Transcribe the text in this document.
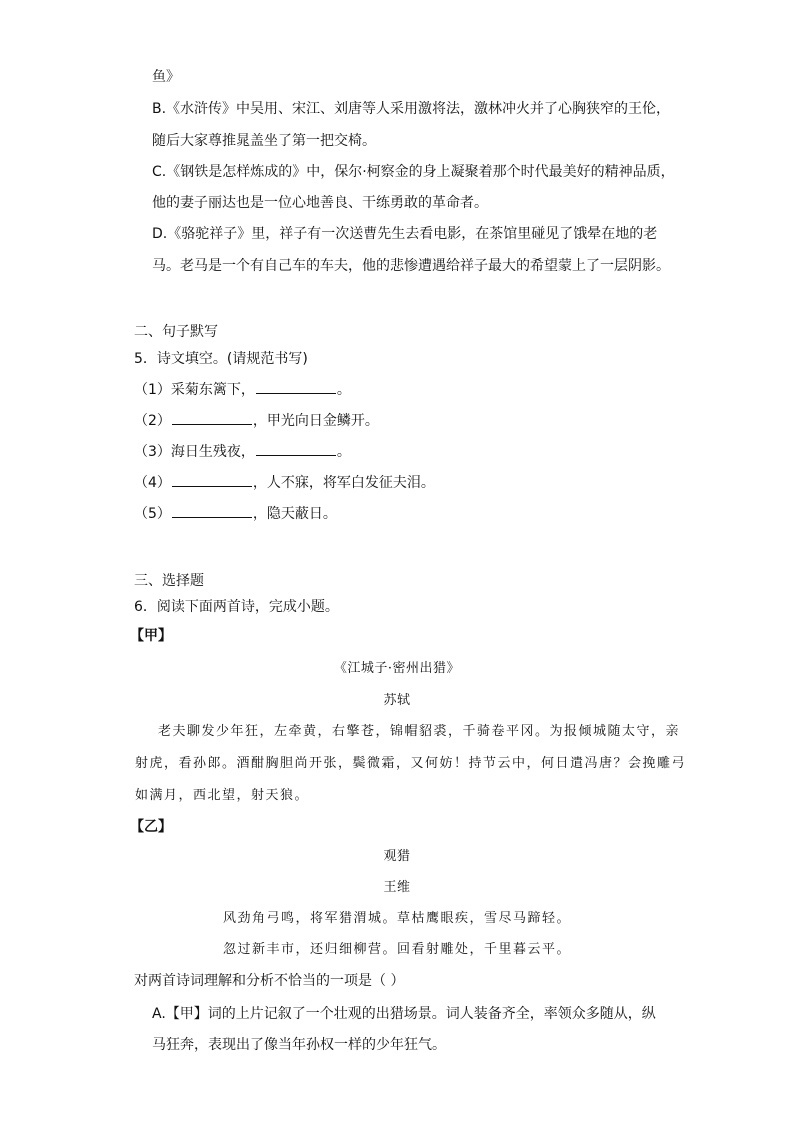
鱼》
B.《水浒传》中吴用、宋江、刘唐等人采用激将法，激林冲火并了心胸狭窄的王伦，
随后大家尊推晁盖坐了第一把交椅。
C.《钢铁是怎样炼成的》中，保尔·柯察金的身上凝聚着那个时代最美好的精神品质，
他的妻子丽达也是一位心地善良、干练勇敢的革命者。
D.《骆驼祥子》里，祥子有一次送曹先生去看电影，在茶馆里碰见了饿晕在地的老
马。老马是一个有自己车的车夫，他的悲惨遭遇给祥子最大的希望蒙上了一层阴影。
二、句子默写
5．诗文填空。(请规范书写)
（1）采菊东篱下，	。
（2）	，甲光向日金鳞开。
（3）海日生残夜，	。
（4）	，人不寐，将军白发征夫泪。
（5）	，隐天蔽日。
三、选择题
6．阅读下面两首诗，完成小题。
【甲】
《江城子·密州出猎》
苏轼
老夫聊发少年狂，左牵黄，右擎苍，锦帽貂裘，千骑卷平冈。为报倾城随太守，亲
射虎，看孙郎。酒酣胸胆尚开张，鬓微霜，又何妨！持节云中，何日遣冯唐？会挽雕弓
如满月，西北望，射天狼。
【乙】
观猎
王维
风劲角弓鸣，将军猎渭城。草枯鹰眼疾，雪尽马蹄轻。
忽过新丰市，还归细柳营。回看射雕处，千里暮云平。
对两首诗词理解和分析不恰当的一项是（ ）
A.【甲】词的上片记叙了一个壮观的出猎场景。词人装备齐全，率领众多随从，纵
马狂奔，表现出了像当年孙权一样的少年狂气。
